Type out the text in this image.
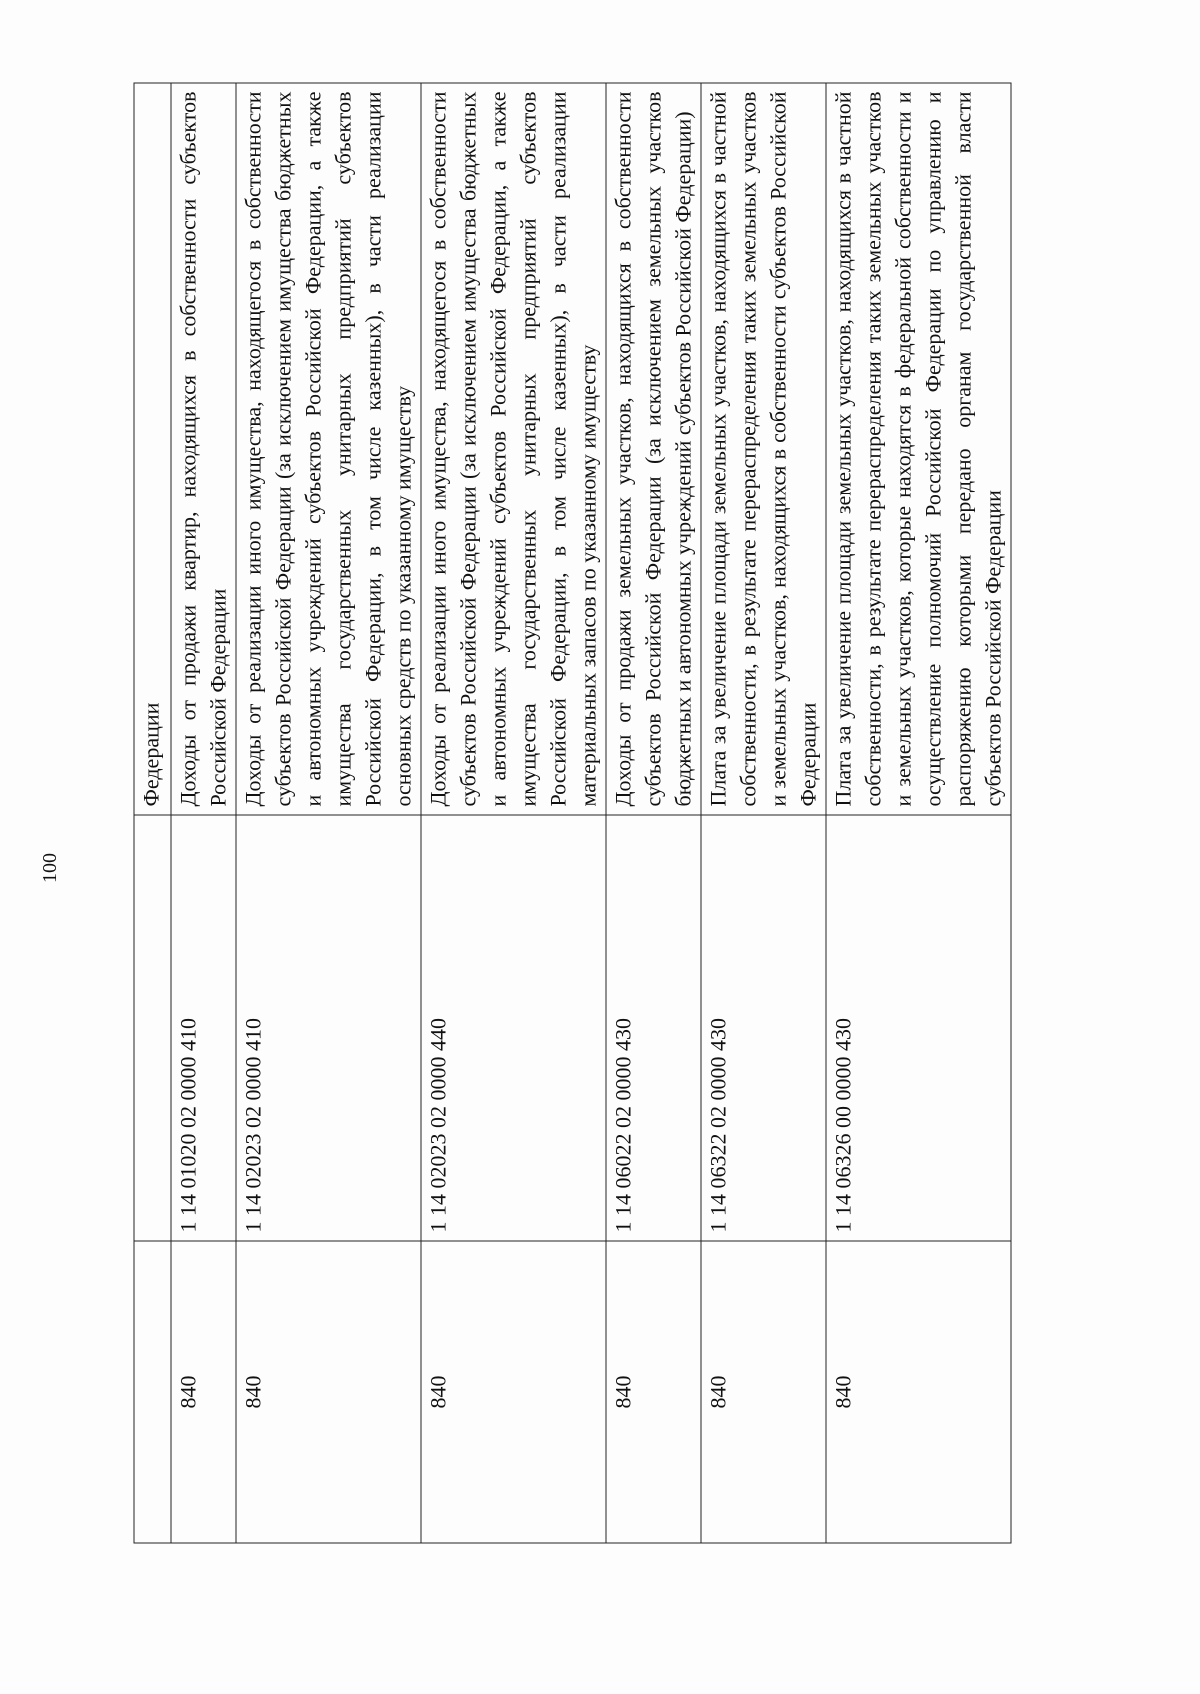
100
		Федерации
840	1 14 01020 02 0000 410	Доходы от продажи квартир, находящихся в собственности субъектов Российской Федерации
840	1 14 02023 02 0000 410	Доходы от реализации иного имущества, находящегося в собственности субъектов Российской Федерации (за исключением имущества бюджетных и автономных учреждений субъектов Российской Федерации, а также имущества государственных унитарных предприятий субъектов Российской Федерации, в том числе казенных), в части реализации основных средств по указанному имуществу
840	1 14 02023 02 0000 440	Доходы от реализации иного имущества, находящегося в собственности субъектов Российской Федерации (за исключением имущества бюджетных и автономных учреждений субъектов Российской Федерации, а также имущества государственных унитарных предприятий субъектов Российской Федерации, в том числе казенных), в части реализации материальных запасов по указанному имуществу
840	1 14 06022 02 0000 430	Доходы от продажи земельных участков, находящихся в собственности субъектов Российской Федерации (за исключением земельных участков бюджетных и автономных учреждений субъектов Российской Федерации)
840	1 14 06322 02 0000 430	Плата за увеличение площади земельных участков, находящихся в частной собственности, в результате перераспределения таких земельных участков и земельных участков, находящихся в собственности субъектов Российской Федерации
840	1 14 06326 00 0000 430	Плата за увеличение площади земельных участков, находящихся в частной собственности, в результате перераспределения таких земельных участков и земельных участков, которые находятся в федеральной собственности и осуществление полномочий Российской Федерации по управлению и распоряжению которыми передано органам государственной власти субъектов Российской Федерации
